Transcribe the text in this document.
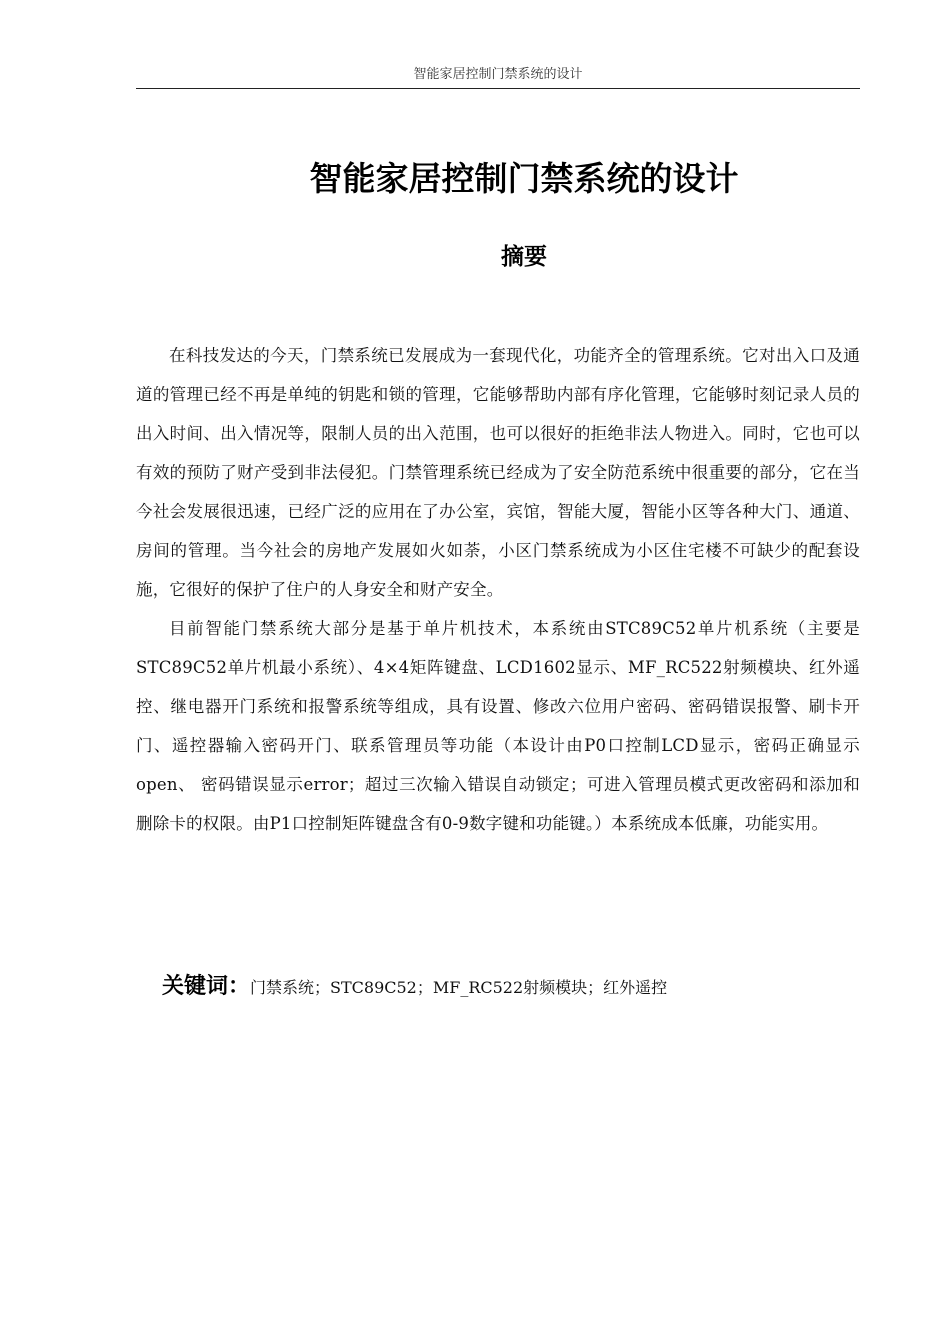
智能家居控制门禁系统的设计
智能家居控制门禁系统的设计
摘要

在科技发达的今天，门禁系统已发展成为一套现代化，功能齐全的管理系统。它对出入口及通道的管理已经不再是单纯的钥匙和锁的管理，它能够帮助内部有序化管理，它能够时刻记录人员的出入时间、出入情况等，限制人员的出入范围，也可以很好的拒绝非法人物进入。同时，它也可以有效的预防了财产受到非法侵犯。门禁管理系统已经成为了安全防范系统中很重要的部分，它在当今社会发展很迅速，已经广泛的应用在了办公室，宾馆，智能大厦，智能小区等各种大门、通道、房间的管理。当今社会的房地产发展如火如荼，小区门禁系统成为小区住宅楼不可缺少的配套设施，它很好的保护了住户的人身安全和财产安全。

目前智能门禁系统大部分是基于单片机技术，本系统由STC89C52单片机系统（主要是STC89C52单片机最小系统）、4×4矩阵键盘、LCD1602显示、MF_RC522射频模块、红外遥控、继电器开门系统和报警系统等组成，具有设置、修改六位用户密码、密码错误报警、刷卡开门、遥控器输入密码开门、联系管理员等功能（本设计由P0口控制LCD显示，密码正确显示open、 密码错误显示error；超过三次输入错误自动锁定；可进入管理员模式更改密码和添加和删除卡的权限。由P1口控制矩阵键盘含有0-9数字键和功能键。）本系统成本低廉，功能实用。

关键词：门禁系统；STC89C52；MF_RC522射频模块；红外遥控
